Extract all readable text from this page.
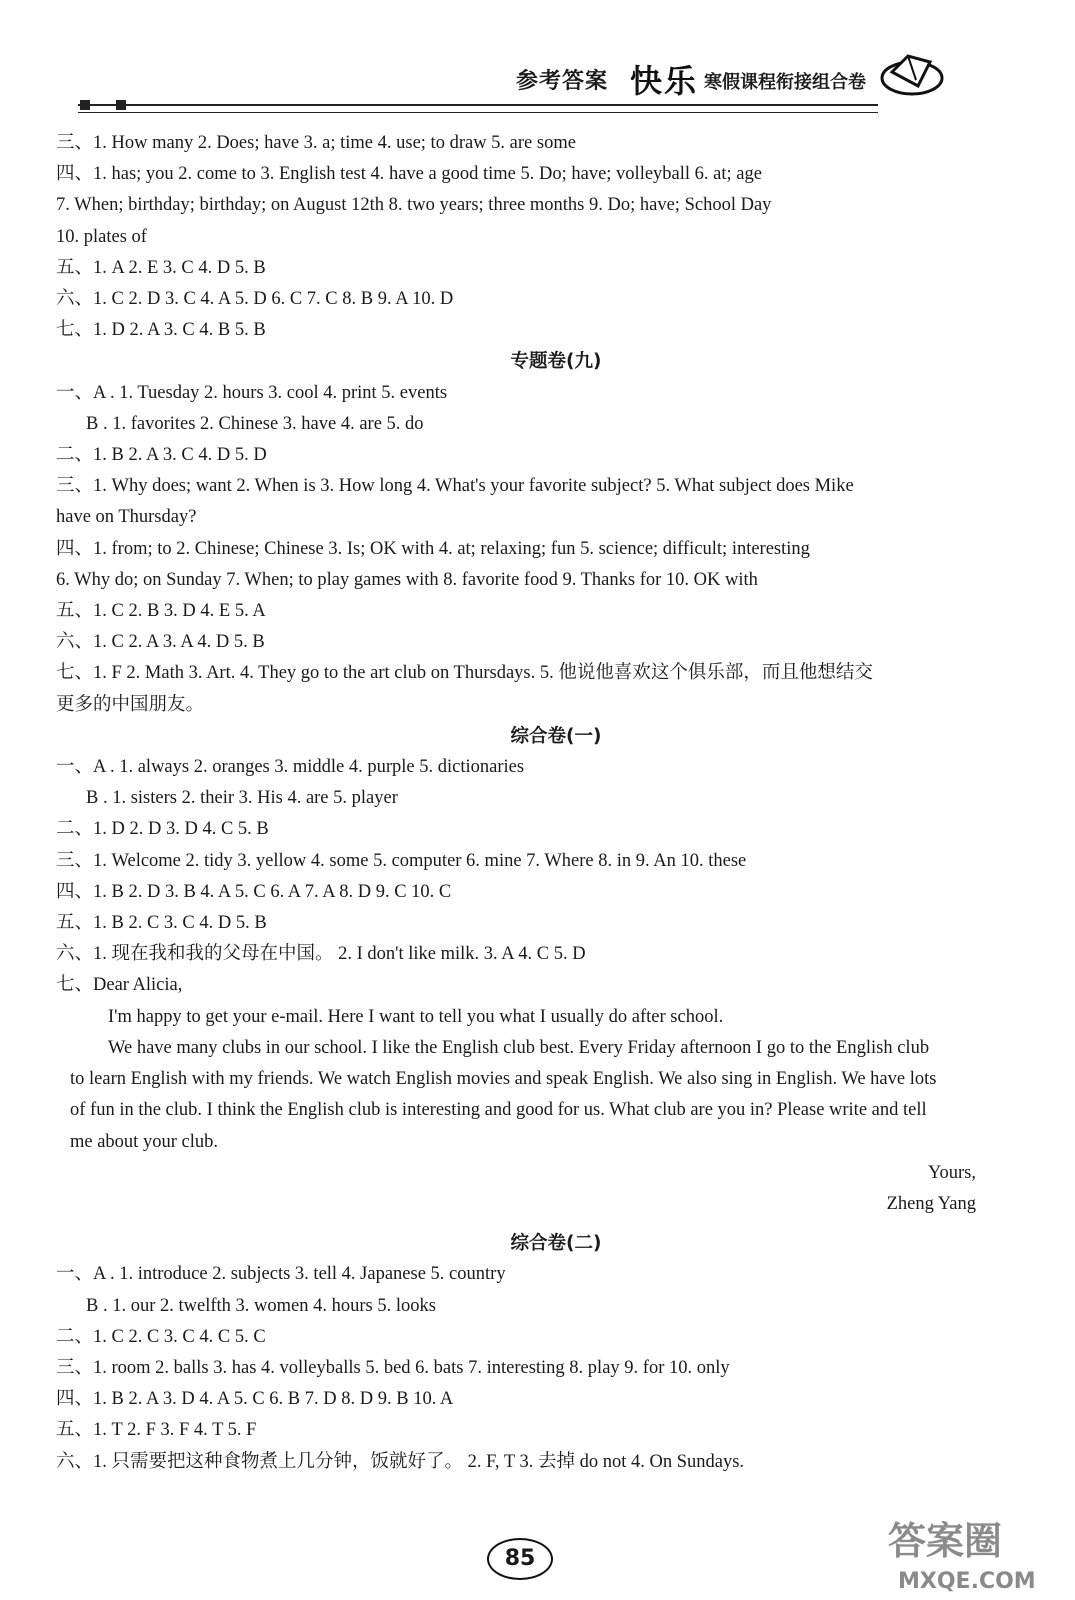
参考答案 快乐 寒假课程衔接组合卷
三、1. How many 2. Does; have 3. a; time 4. use; to draw 5. are some
四、1. has; you 2. come to 3. English test 4. have a good time 5. Do; have; volleyball 6. at; age
7. When; birthday; birthday; on August 12th 8. two years; three months 9. Do; have; School Day
10. plates of
五、1. A 2. E 3. C 4. D 5. B
六、1. C 2. D 3. C 4. A 5. D 6. C 7. C 8. B 9. A 10. D
七、1. D 2. A 3. C 4. B 5. B
专题卷(九)
一、A . 1. Tuesday 2. hours 3. cool 4. print 5. events
B . 1. favorites 2. Chinese 3. have 4. are 5. do
二、1. B 2. A 3. C 4. D 5. D
三、1. Why does; want 2. When is 3. How long 4. What's your favorite subject? 5. What subject does Mike
have on Thursday?
四、1. from; to 2. Chinese; Chinese 3. Is; OK with 4. at; relaxing; fun 5. science; difficult; interesting
6. Why do; on Sunday 7. When; to play games with 8. favorite food 9. Thanks for 10. OK with
五、1. C 2. B 3. D 4. E 5. A
六、1. C 2. A 3. A 4. D 5. B
七、1. F 2. Math 3. Art. 4. They go to the art club on Thursdays. 5. 他说他喜欢这个俱乐部，而且他想结交
更多的中国朋友。
综合卷(一)
一、A . 1. always 2. oranges 3. middle 4. purple 5. dictionaries
B . 1. sisters 2. their 3. His 4. are 5. player
二、1. D 2. D 3. D 4. C 5. B
三、1. Welcome 2. tidy 3. yellow 4. some 5. computer 6. mine 7. Where 8. in 9. An 10. these
四、1. B 2. D 3. B 4. A 5. C 6. A 7. A 8. D 9. C 10. C
五、1. B 2. C 3. C 4. D 5. B
六、1. 现在我和我的父母在中国。 2. I don't like milk. 3. A 4. C 5. D
七、Dear Alicia,
I'm happy to get your e-mail. Here I want to tell you what I usually do after school.
We have many clubs in our school. I like the English club best. Every Friday afternoon I go to the English club
to learn English with my friends. We watch English movies and speak English. We also sing in English. We have lots
of fun in the club. I think the English club is interesting and good for us. What club are you in? Please write and tell
me about your club.
Yours,
Zheng Yang
综合卷(二)
一、A . 1. introduce 2. subjects 3. tell 4. Japanese 5. country
B . 1. our 2. twelfth 3. women 4. hours 5. looks
二、1. C 2. C 3. C 4. C 5. C
三、1. room 2. balls 3. has 4. volleyballs 5. bed 6. bats 7. interesting 8. play 9. for 10. only
四、1. B 2. A 3. D 4. A 5. C 6. B 7. D 8. D 9. B 10. A
五、1. T 2. F 3. F 4. T 5. F
六、1. 只需要把这种食物煮上几分钟，饭就好了。 2. F, T 3. 去掉 do not 4. On Sundays.
85	答案圈
MXQE.COM
